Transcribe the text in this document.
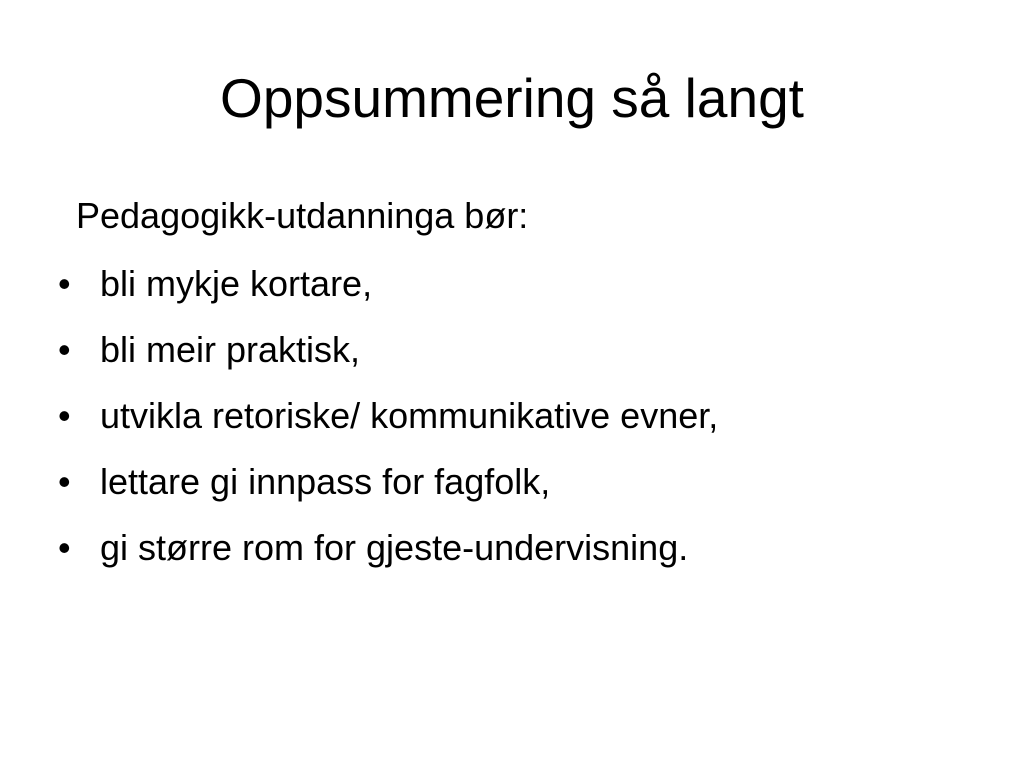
Oppsummering så langt
Pedagogikk-utdanninga bør:
• bli mykje kortare,
• bli meir praktisk,
• utvikla retoriske/ kommunikative evner,
• lettare gi innpass for fagfolk,
• gi større rom for gjeste-undervisning.
